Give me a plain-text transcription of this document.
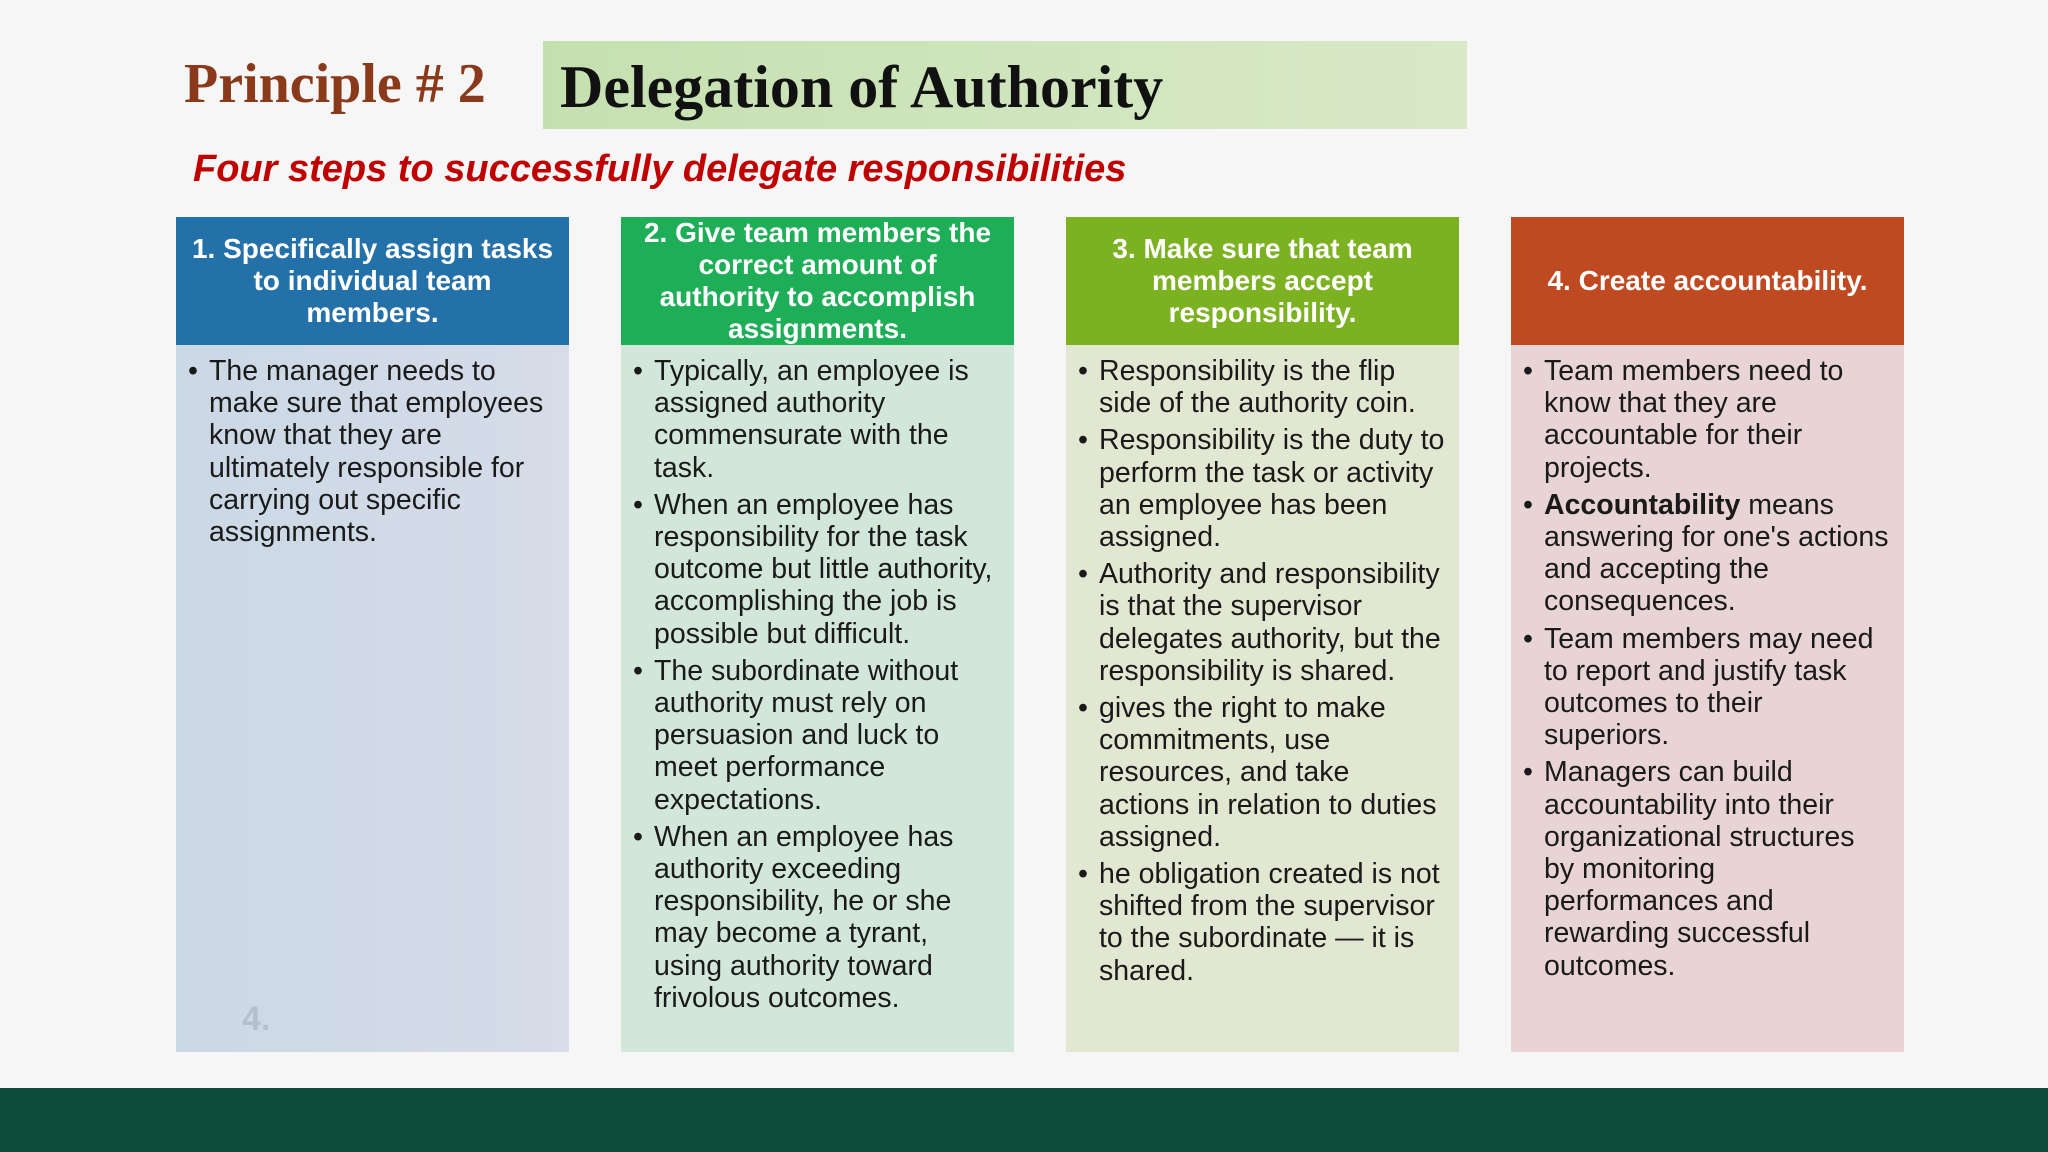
Principle # 2 Delegation of Authority
Four steps to successfully delegate responsibilities
1. Specifically assign tasks to individual team members.
• The manager needs to make sure that employees know that they are ultimately responsible for carrying out specific assignments.
2. Give team members the correct amount of authority to accomplish assignments.
• Typically, an employee is assigned authority commensurate with the task.
• When an employee has responsibility for the task outcome but little authority, accomplishing the job is possible but difficult.
• The subordinate without authority must rely on persuasion and luck to meet performance expectations.
• When an employee has authority exceeding responsibility, he or she may become a tyrant, using authority toward frivolous outcomes.
3. Make sure that team members accept responsibility.
• Responsibility is the flip side of the authority coin.
• Responsibility is the duty to perform the task or activity an employee has been assigned.
• Authority and responsibility is that the supervisor delegates authority, but the responsibility is shared.
• gives the right to make commitments, use resources, and take actions in relation to duties assigned.
• he obligation created is not shifted from the supervisor to the subordinate — it is shared.
4. Create accountability.
• Team members need to know that they are accountable for their projects.
• Accountability means answering for one's actions and accepting the consequences.
• Team members may need to report and justify task outcomes to their superiors.
• Managers can build accountability into their organizational structures by monitoring performances and rewarding successful outcomes.
4.
